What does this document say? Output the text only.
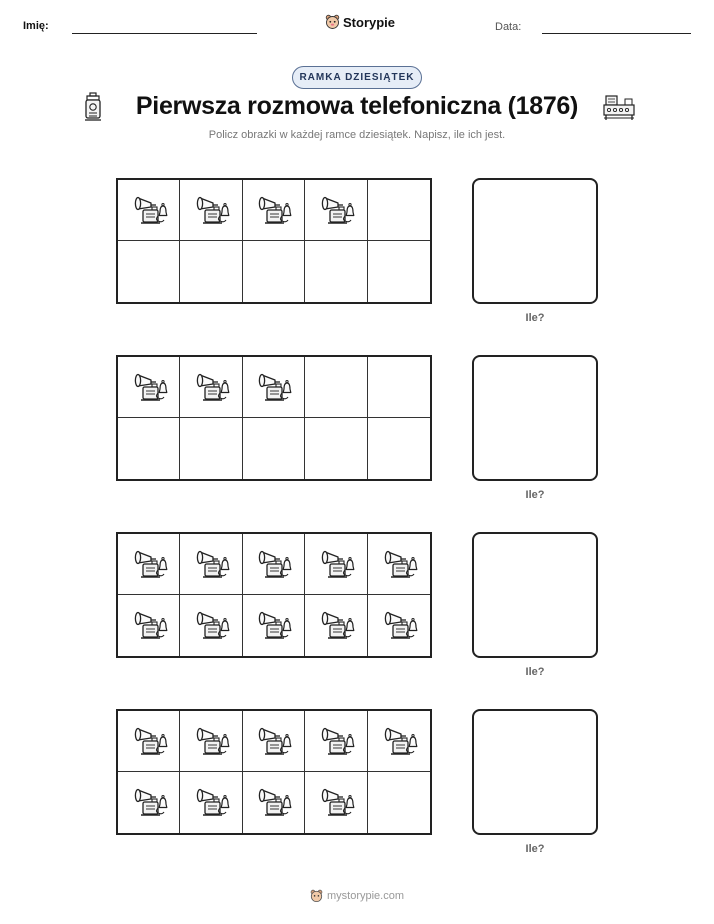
Imię:	Storypie	Data:
RAMKA DZIESIĄTEK
Pierwsza rozmowa telefoniczna (1876)
Policz obrazki w każdej ramce dziesiątek. Napisz, ile ich jest.
Ile?
Ile?
Ile?
Ile?
mystorypie.com
